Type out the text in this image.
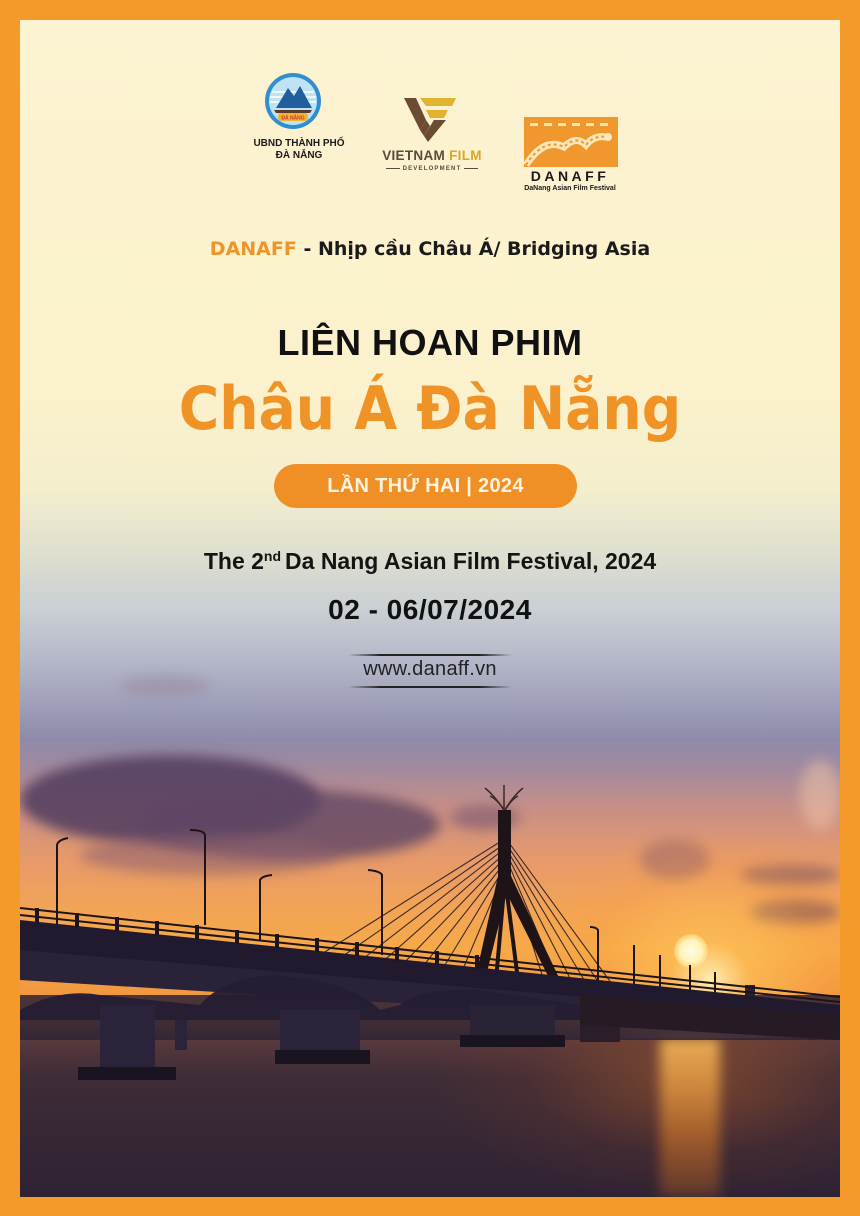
ĐÀ NẴNG
UBND THÀNH PHỐ
ĐÀ NẴNG	VIETNAM FILM
DEVELOPMENT	DANAFF
DaNang Asian Film Festival
DANAFF - Nhịp cầu Châu Á/ Bridging Asia
LIÊN HOAN PHIM
Châu Á Đà Nẵng
LẦN THỨ HAI | 2024
The 2nd Da Nang Asian Film Festival, 2024
02 - 06/07/2024
www.danaff.vn
